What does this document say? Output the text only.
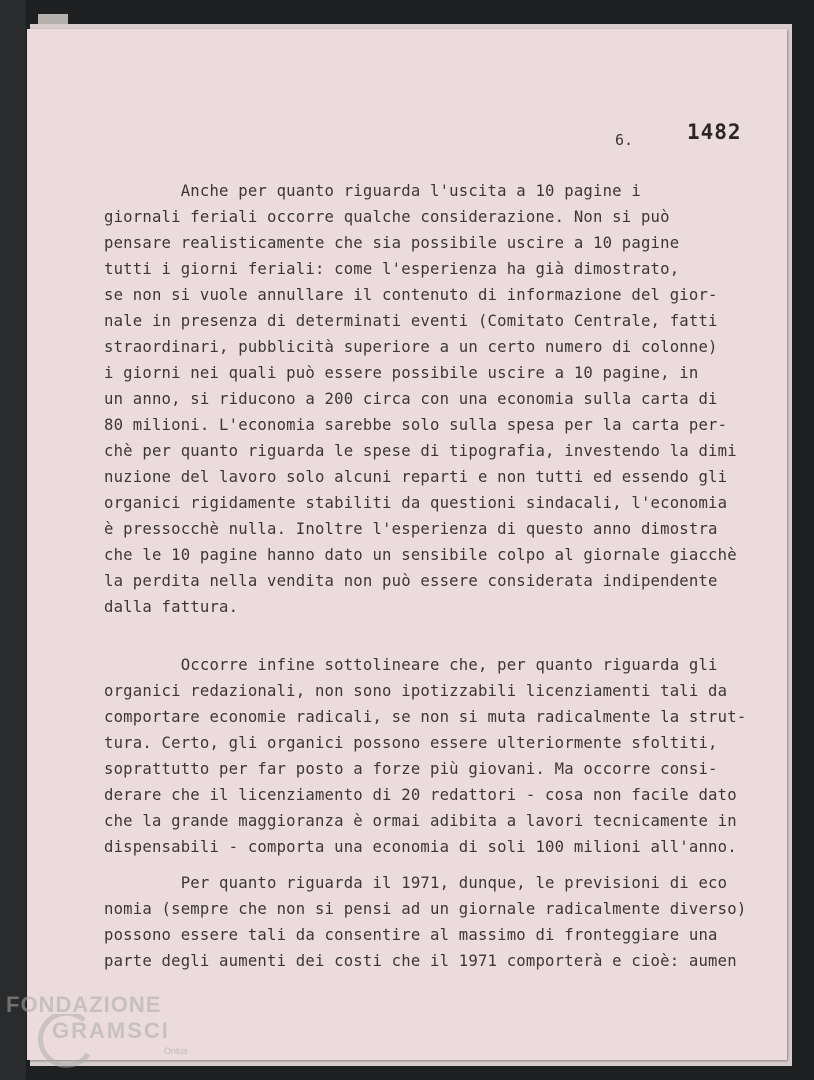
6.	1482
Anche per quanto riguarda l'uscita a 10 pagine i
giornali feriali occorre qualche considerazione. Non si può
pensare realisticamente che sia possibile uscire a 10 pagine
tutti i giorni feriali: come l'esperienza ha già dimostrato,
se non si vuole annullare il contenuto di informazione del gior-
nale in presenza di determinati eventi (Comitato Centrale, fatti
straordinari, pubblicità superiore a un certo numero di colonne)
i giorni nei quali può essere possibile uscire a 10 pagine, in
un anno, si riducono a 200 circa con una economia sulla carta di
80 milioni. L'economia sarebbe solo sulla spesa per la carta per-
chè per quanto riguarda le spese di tipografia, investendo la dimi
nuzione del lavoro solo alcuni reparti e non tutti ed essendo gli
organici rigidamente stabiliti da questioni sindacali, l'economia
è pressocchè nulla. Inoltre l'esperienza di questo anno dimostra
che le 10 pagine hanno dato un sensibile colpo al giornale giacchè
la perdita nella vendita non può essere considerata indipendente
dalla fattura.
Occorre infine sottolineare che, per quanto riguarda gli
organici redazionali, non sono ipotizzabili licenziamenti tali da
comportare economie radicali, se non si muta radicalmente la strut-
tura. Certo, gli organici possono essere ulteriormente sfoltiti,
soprattutto per far posto a forze più giovani. Ma occorre consi-
derare che il licenziamento di 20 redattori - cosa non facile dato
che la grande maggioranza è ormai adibita a lavori tecnicamente in
dispensabili - comporta una economia di soli 100 milioni all'anno.
Per quanto riguarda il 1971, dunque, le previsioni di eco
nomia (sempre che non si pensi ad un giornale radicalmente diverso)
possono essere tali da consentire al massimo di fronteggiare una
parte degli aumenti dei costi che il 1971 comporterà e cioè: aumen
FONDAZIONE
GRAMSCI
Onlus
